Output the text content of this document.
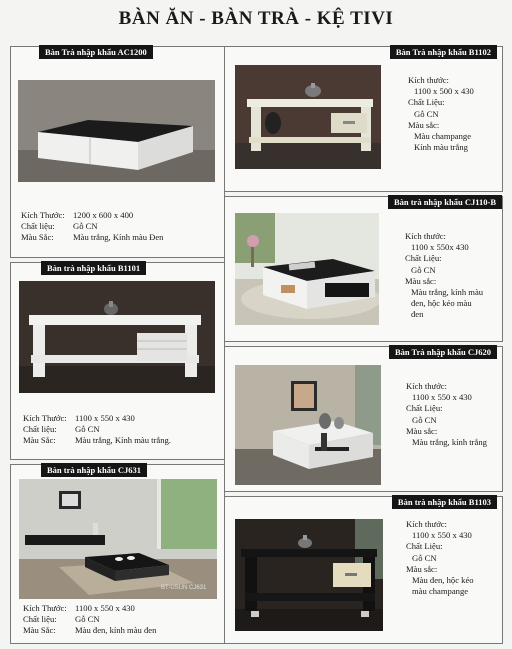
BÀN ĂN - BÀN TRÀ - KỆ TIVI
Bàn Trà nhập khẩu AC1200
Kích Thước: 1200 x 600 x 400
Chất liệu: Gỗ CN
Màu Sắc: Màu trắng, Kính màu Đen
Bàn trà nhập khẩu B1101
Kích Thước: 1100 x 550 x 430
Chất liệu: Gỗ CN
Màu Sắc: Màu trắng, Kính màu trắng.
Bàn trà nhập khẩu CJ631
BT-USUN CJ631
Kích Thước: 1100 x 550 x 430
Chất liệu: Gỗ CN
Màu Sắc: Màu đen, kính màu đen
Bàn Trà nhập khẩu B1102
Kích thước:
1100 x 500 x 430
Chất Liệu:
Gỗ CN
Màu sắc:
Màu champange
Kính màu trắng
Bàn trà nhập khẩu CJ110-B
Kích thước:
1100 x 550x 430
Chất Liệu:
Gỗ CN
Màu sắc:
Màu trắng, kính màu
đen, hộc kéo màu
đen
Bàn Trà nhập khẩu CJ620
Kích thước:
1100 x 550 x 430
Chất Liệu:
Gỗ CN
Màu sắc:
Màu trắng, kính trắng
Bàn trà nhập khẩu B1103
Kích thước:
1100 x 550 x 430
Chất Liệu:
Gỗ CN
Màu sắc:
Màu đen, hộc kéo
màu champange
